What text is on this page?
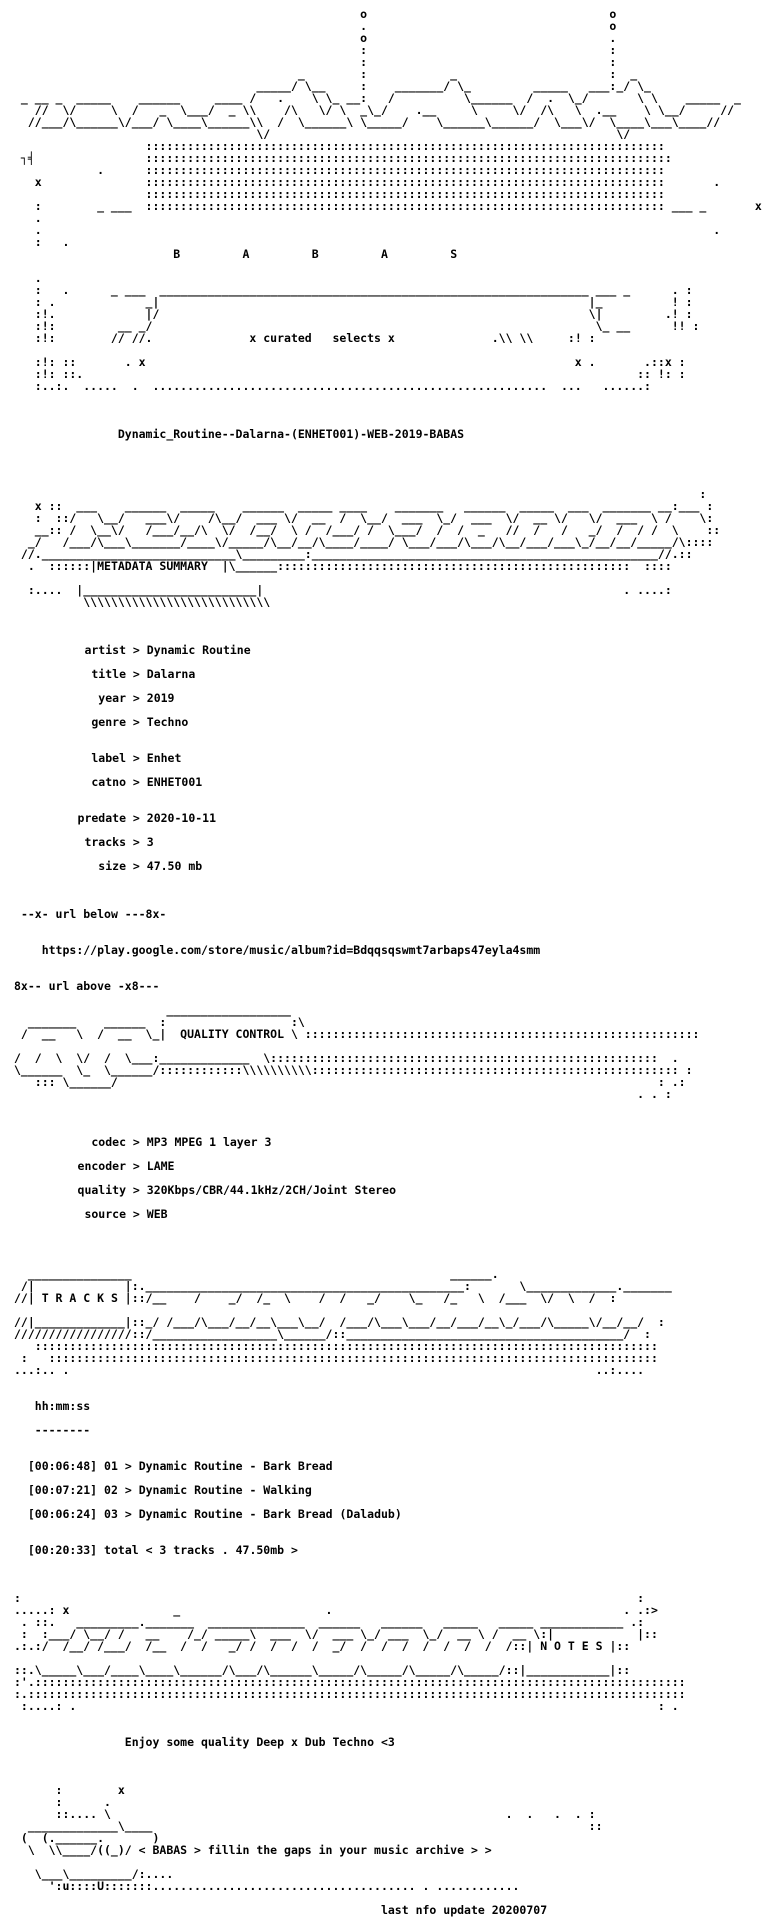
o                                   o
.                                   o
o                                   .
:                                   :
:                                   :
_        :            _                      :  _
_____/ \__     :    _______/ \_         _____   ___:_/ \_
_ __ _  _____    ______     ____ /   .    \ \_ __:   /          \______  /  .  \_/       \ \    _____  _
//  \/     \  /   _  \___/  _ \\    /\   \/ \  _\_/    .__     \     \/  /\   \  .__    \ \__/     //
//___/\______\/___/ \____\______\\  /  \______\ \_____/    \______\______/  \___\/  \____\___\____//
\/                                                  \/
:::::::::::::::::::::::::::::::::::::::::::::::::::::::::::::::::::::::::::
┐╡                ::::::::::::::::::::::::::::::::::::::::::::::::::::::::::::::::::::::::::::
.      :::::::::::::::::::::::::::::::::::::::::::::::::::::::::::::::::::::::::::
x               :::::::::::::::::::::::::::::::::::::::::::::::::::::::::::::::::::::::::::       .
:::::::::::::::::::::::::::::::::::::::::::::::::::::::::::::::::::::::::::
:        _ ___  ::::::::::::::::::::::::::::::::::::::::::::::::::::::::::::::::::::::::::: ___ _       x
.
.                                                                                                 .
:   .

B	A	B	A	S

.
:   .      _ ___  ______________________________________________________________ ___ _      . :
: .             _|                                                              |_          ! :
:!.             |/                                                              \|         .! :
:!:         __ _/                                                                \_ __      !! :

:!:        // //.              x curated   selects x              .\\ \\     :! :

:!: ::       . x                                                              x .       .::x :
:!: ::.                                                                                :: !: :
:..:.  .....  .  .........................................................  ...   ......:

Dynamic_Routine--Dalarna-(ENHET001)-WEB-2019-BABAS

:
x ::  ___    ______  _____    ______  _____ ____    _______   ______  _____  ___  _______ __:___ :
:  ::/   \__/   ___\/    /\__/  ___ \/  __  /  \__/  ___  \_/  ___  \/  __ \/   \/  ___  \ /    \:
__:: /  \__\/   /___/__/\  \/  /__/  \ /  /___/ /  \___/  /  /  _   //  /   /   _/  /  / /  \    ::
_/   /___/\___\_______/____\/_____/\__/__/\____/____/ \___/___/\___/\__/___/___\_/__/__/_____/\::::
//.____________________________\_________:__________________________________________________//.::

.  ::::::|METADATA SUMMARY  |\______:::::::::::::::::::::::::::::::::::::::::::::::::::  ::::

:....  |_________________________|                                                    . ....:
\\\\\\\\\\\\\\\\\\\\\\\\\\\

artist > Dynamic Routine

title > Dalarna

year > 2019

genre > Techno

label > Enhet

catno > ENHET001

predate > 2020-10-11

tracks > 3

size > 47.50 mb

--x- url below ---8x-

https://play.google.com/store/music/album?id=Bdqqsqswmt7arbaps47eyla4smm

8x-- url above -x8---

__________________
_______    ______  :                  :\

/  __   \  /  __  \_|  QUALITY CONTROL \ :::::::::::::::::::::::::::::::::::::::::::::::::::::::::

/  /  \  \/  /  \___:_____________  \::::::::::::::::::::::::::::::::::::::::::::::::::::::::  .
\______  \_  \______/::::::::::::\\\\\\\\\\::::::::::::::::::::::::::::::::::::::::::::::::::::: :
::: \______/                                                                              : .:
. . :

codec > MP3 MPEG 1 layer 3

encoder > LAME

quality > 320Kbps/CBR/44.1kHz/2CH/Joint Stereo

source > WEB

_______________                                              ______.
/|             |:.______________________________________________:       \_____________._______

//| T R A C K S |::/__    /    _/  /_  \    /  /   _/    \_   /_   \  /___  \/  \  /  :

//|_____________|::_/ /___/\___/__/__\___\__/  /___/\___\___/__/___/__\_/___/\_____\/__/__/  :
/////////////////::/__________________\______/::________________________________________/  :
::::::::::::::::::::::::::::::::::::::::::::::::::::::::::::::::::::::::::::::::::::::::::
:   ::::::::::::::::::::::::::::::::::::::::::::::::::::::::::::::::::::::::::::::::::::::::
...:.. .                                                                            ..:....

hh:mm:ss

--------

[00:06:48] 01 > Dynamic Routine - Bark Bread

[00:07:21] 02 > Dynamic Routine - Walking

[00:06:24] 03 > Dynamic Routine - Bark Bread (Daladub)

[00:20:33] total < 3 tracks . 47.50mb >

:                                                                                         :
.....: x               _                     .                                          . .:>
. ::.   _________._______  ______________  ______   ______   _____   _____ ____________ .:
:  :___/ \__/ /   __    /_/ _____\  ___  \/  ___ \_/ ___  \_/  __ \ /  __ \:|            |::

.:.:/  /__/ /___/  /__  /  /   _/ /  /  /  /  _/  /  /  /  /  /  /  /  /::| N O T E S |::

::.\_____\___/____\____\______/\___/\______\_____/\_____/\_____/\_____/::|____________|::
:'.::::::::::::::::::::::::::::::::::::::::::::::::::::::::::::::::::::::::::::::::::::::::::::::
:.:::::::::::::::::::::::::::::::::::::::::::::::::::::::::::::::::::::::::::::::::::::::::::::::
:....: .                                                                                    : .

Enjoy some quality Deep x Dub Techno <3

:        x
:      .
::.... \                                                         .  .   .  . :
_____________\____                                                               ::
(  (.______.       )

\  \\____/((_)/ < BABAS > fillin the gaps in your music archive > >

\___\_________/:....
':u::::U:::::::...................................... . ............

last nfo update 20200707
